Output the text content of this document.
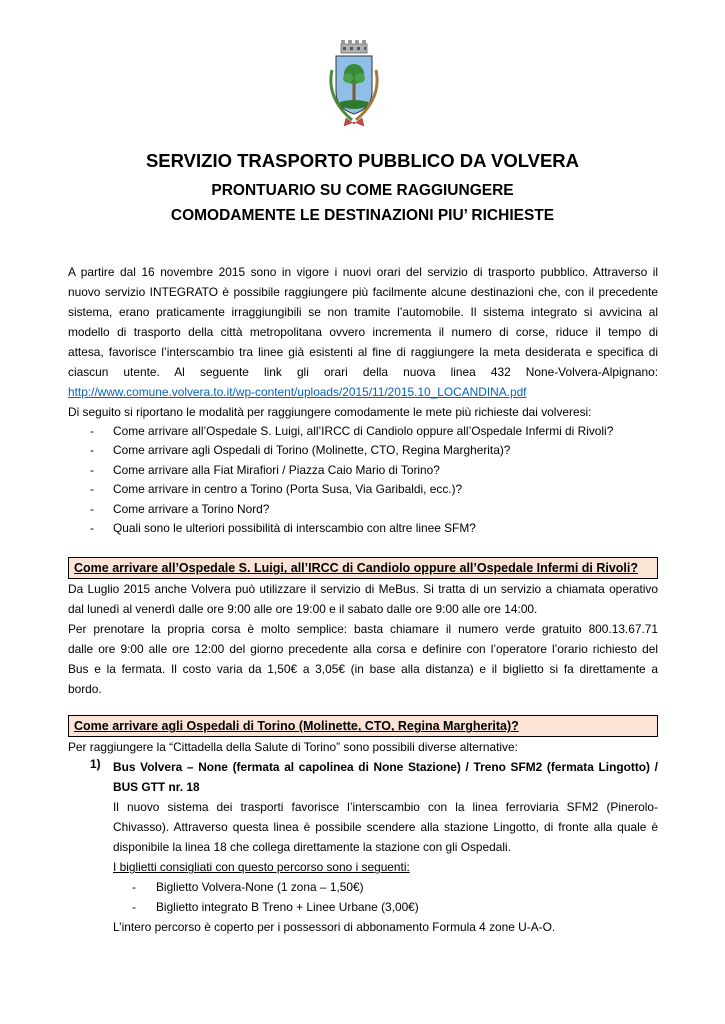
SERVIZIO TRASPORTO PUBBLICO DA VOLVERA
PRONTUARIO SU COME RAGGIUNGERE
COMODAMENTE LE DESTINAZIONI PIU’ RICHIESTE
A partire dal 16 novembre 2015 sono in vigore i nuovi orari del servizio di trasporto pubblico. Attraverso il
nuovo servizio INTEGRATO è possibile raggiungere più facilmente alcune destinazioni che, con il precedente
sistema, erano praticamente irraggiungibili se non tramite l’automobile. Il sistema integrato si avvicina al
modello di trasporto della città metropolitana ovvero incrementa il numero di corse, riduce il tempo di
attesa, favorisce l’interscambio tra linee già esistenti al fine di raggiungere la meta desiderata e specifica di
ciascun utente. Al seguente link gli orari della nuova linea 432 None-Volvera-Alpignano:
http://www.comune.volvera.to.it/wp-content/uploads/2015/11/2015.10_LOCANDINA.pdf
Di seguito si riportano le modalità per raggiungere comodamente le mete più richieste dai volveresi:
- Come arrivare all’Ospedale S. Luigi, all’IRCC di Candiolo oppure all’Ospedale Infermi di Rivoli?
- Come arrivare agli Ospedali di Torino (Molinette, CTO, Regina Margherita)?
- Come arrivare alla Fiat Mirafiori / Piazza Caio Mario di Torino?
- Come arrivare in centro a Torino (Porta Susa, Via Garibaldi, ecc.)?
- Come arrivare a Torino Nord?
- Quali sono le ulteriori possibilità di interscambio con altre linee SFM?
Come arrivare all’Ospedale S. Luigi, all’IRCC di Candiolo oppure all’Ospedale Infermi di Rivoli?
Da Luglio 2015 anche Volvera può utilizzare il servizio di MeBus. Si tratta di un servizio a chiamata operativo
dal lunedì al venerdì dalle ore 9:00 alle ore 19:00 e il sabato dalle ore 9:00 alle ore 14:00.
Per prenotare la propria corsa è molto semplice: basta chiamare il numero verde gratuito 800.13.67.71
dalle ore 9:00 alle ore 12:00 del giorno precedente alla corsa e definire con l’operatore l’orario richiesto del
Bus e la fermata. Il costo varia da 1,50€ a 3,05€ (in base alla distanza) e il biglietto si fa direttamente a
bordo.
Come arrivare agli Ospedali di Torino (Molinette, CTO, Regina Margherita)?
Per raggiungere la “Cittadella della Salute di Torino” sono possibili diverse alternative:
1) Bus Volvera – None (fermata al capolinea di None Stazione) / Treno SFM2 (fermata Lingotto) /
BUS GTT nr. 18
Il nuovo sistema dei trasporti favorisce l’interscambio con la linea ferroviaria SFM2 (Pinerolo-
Chivasso). Attraverso questa linea è possibile scendere alla stazione Lingotto, di fronte alla quale è
disponibile la linea 18 che collega direttamente la stazione con gli Ospedali.
I biglietti consigliati con questo percorso sono i seguenti:
- Biglietto Volvera-None (1 zona – 1,50€)
- Biglietto integrato B Treno + Linee Urbane (3,00€)
L’intero percorso è coperto per i possessori di abbonamento Formula 4 zone U-A-O.
